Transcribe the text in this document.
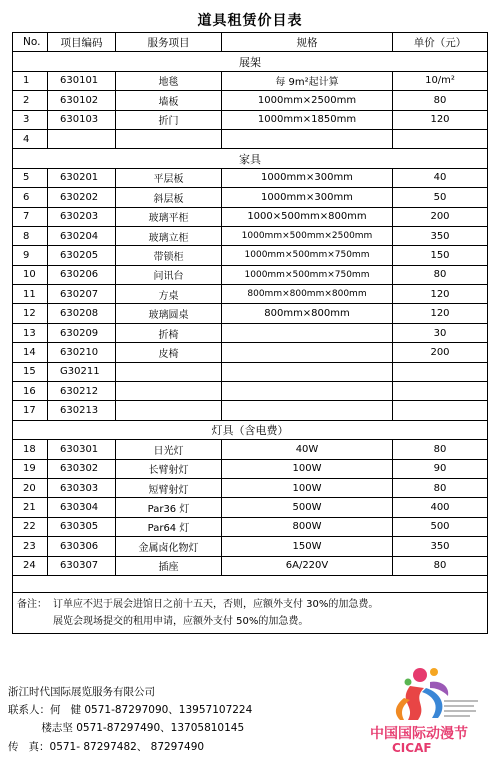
道具租赁价目表
No.	项目编码	服务项目	规格	单价（元）
展架				
1	630101	地毯	每 9m²起计算	10/m²
2	630102	墙板	1000mm×2500mm	80
3	630103	折门	1000mm×1850mm	120
4				
家具				
5	630201	平层板	1000mm×300mm	40
6	630202	斜层板	1000mm×300mm	50
7	630203	玻璃平柜	1000×500mm×800mm	200
8	630204	玻璃立柜	1000mm×500mm×2500mm	350
9	630205	带锁柜	1000mm×500mm×750mm	150
10	630206	问讯台	1000mm×500mm×750mm	80
11	630207	方桌	800mm×800mm×800mm	120
12	630208	玻璃圆桌	800mm×800mm	120
13	630209	折椅		30
14	630210	皮椅		200
15	G30211			
16	630212			
17	630213			
灯具（含电费）				
18	630301	日光灯	40W	80
19	630302	长臂射灯	100W	90
20	630303	短臂射灯	100W	80
21	630304	Par36 灯	500W	400
22	630305	Par64 灯	800W	500
23	630306	金属卤化物灯	150W	350
24	630307	插座	6A/220V	80

备注： 订单应不迟于展会进馆日之前十五天，否则，应额外支付 30%的加急费。
展览会现场提交的租用申请，应额外支付 50%的加急费。				
浙江时代国际展览服务有限公司
联系人：何   健 0571-87297090、13957107224
楼志坚 0571-87297490、13705810145
传   真：0571- 87297482、 87297490
中国国际动漫节
CICAF
